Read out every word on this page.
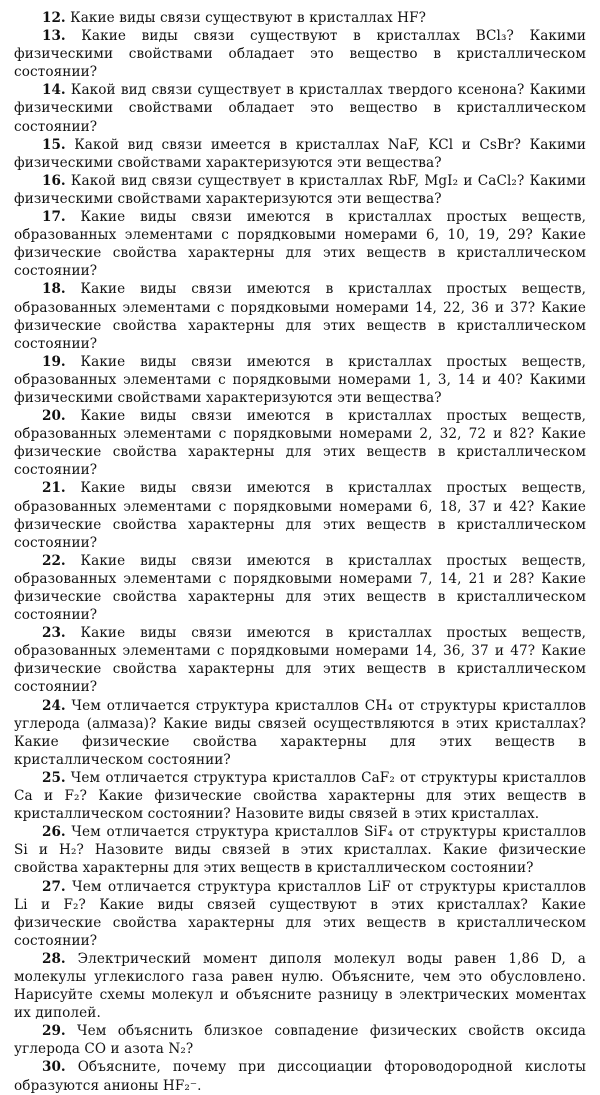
12. Какие виды связи существуют в кристаллах HF?

13. Какие виды связи существуют в кристаллах BCl₃? Какими физическими свойствами обладает это вещество в кристаллическом состоянии?

14. Какой вид связи существует в кристаллах твердого ксенона? Какими физическими свойствами обладает это вещество в кристаллическом состоянии?

15. Какой вид связи имеется в кристаллах NaF, KCl и CsBr? Какими физическими свойствами характеризуются эти вещества?

16. Какой вид связи существует в кристаллах RbF, MgI₂ и CaCl₂? Какими физическими свойствами характеризуются эти вещества?

17. Какие виды связи имеются в кристаллах простых веществ, образованных элементами с порядковыми номерами 6, 10, 19, 29? Какие физические свойства характерны для этих веществ в кристаллическом состоянии?

18. Какие виды связи имеются в кристаллах простых веществ, образованных элементами с порядковыми номерами 14, 22, 36 и 37? Какие физические свойства характерны для этих веществ в кристаллическом состоянии?

19. Какие виды связи имеются в кристаллах простых веществ, образованных элементами с порядковыми номерами 1, 3, 14 и 40? Какими физическими свойствами характеризуются эти вещества?

20. Какие виды связи имеются в кристаллах простых веществ, образованных элементами с порядковыми номерами 2, 32, 72 и 82? Какие физические свойства характерны для этих веществ в кристаллическом состоянии?

21. Какие виды связи имеются в кристаллах простых веществ, образованных элементами с порядковыми номерами 6, 18, 37 и 42? Какие физические свойства характерны для этих веществ в кристаллическом состоянии?

22. Какие виды связи имеются в кристаллах простых веществ, образованных элементами с порядковыми номерами 7, 14, 21 и 28? Какие физические свойства характерны для этих веществ в кристаллическом состоянии?

23. Какие виды связи имеются в кристаллах простых веществ, образованных элементами с порядковыми номерами 14, 36, 37 и 47? Какие физические свойства характерны для этих веществ в кристаллическом состоянии?

24. Чем отличается структура кристаллов CH₄ от структуры кристаллов углерода (алмаза)? Какие виды связей осуществляются в этих кристаллах? Какие физические свойства характерны для этих веществ в кристаллическом состоянии?

25. Чем отличается структура кристаллов CaF₂ от структуры кристаллов Ca и F₂? Какие физические свойства характерны для этих веществ в кристаллическом состоянии? Назовите виды связей в этих кристаллах.

26. Чем отличается структура кристаллов SiF₄ от структуры кристаллов Si и H₂? Назовите виды связей в этих кристаллах. Какие физические свойства характерны для этих веществ в кристаллическом состоянии?

27. Чем отличается структура кристаллов LiF от структуры кристаллов Li и F₂? Какие виды связей существуют в этих кристаллах? Какие физические свойства характерны для этих веществ в кристаллическом состоянии?

28. Электрический момент диполя молекул воды равен 1,86 D, а молекулы углекислого газа равен нулю. Объясните, чем это обусловлено. Нарисуйте схемы молекул и объясните разницу в электрических моментах их диполей.

29. Чем объяснить близкое совпадение физических свойств оксида углерода CO и азота N₂?

30. Объясните, почему при диссоциации фтороводородной кислоты образуются анионы HF₂⁻.
